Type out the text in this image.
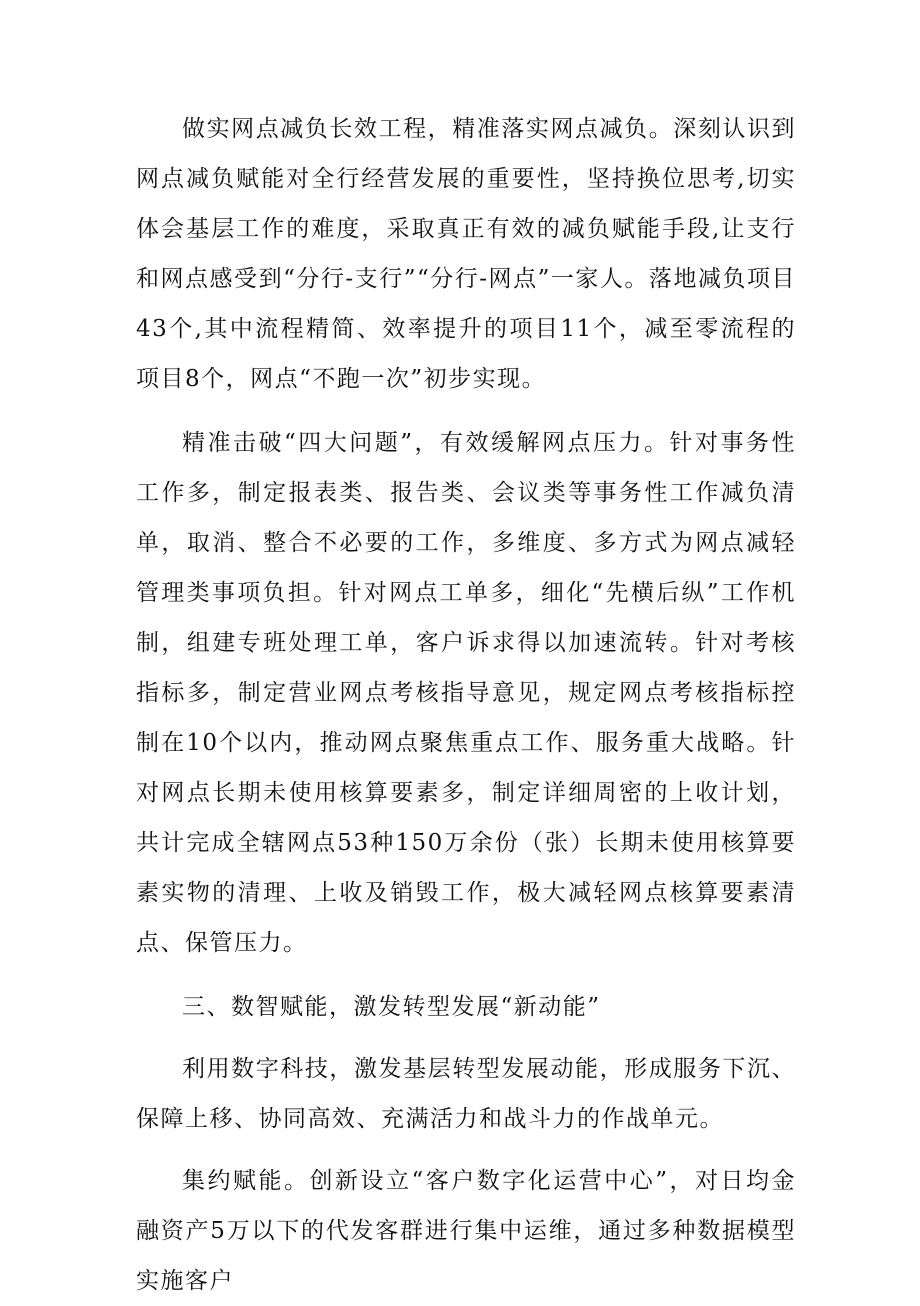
做实网点减负长效工程，精准落实网点减负。深刻认识到网点减负赋能对全行经营发展的重要性，坚持换位思考,切实体会基层工作的难度，采取真正有效的减负赋能手段,让支行和网点感受到“分行-支行”“分行-网点”一家人。落地减负项目43个,其中流程精简、效率提升的项目11个，减至零流程的项目8个，网点“不跑一次”初步实现。

精准击破“四大问题”，有效缓解网点压力。针对事务性工作多，制定报表类、报告类、会议类等事务性工作减负清单，取消、整合不必要的工作，多维度、多方式为网点减轻管理类事项负担。针对网点工单多，细化“先横后纵”工作机制，组建专班处理工单，客户诉求得以加速流转。针对考核指标多，制定营业网点考核指导意见，规定网点考核指标控制在10个以内，推动网点聚焦重点工作、服务重大战略。针对网点长期未使用核算要素多，制定详细周密的上收计划，共计完成全辖网点53种150万余份（张）长期未使用核算要素实物的清理、上收及销毁工作，极大减轻网点核算要素清点、保管压力。

三、数智赋能，激发转型发展“新动能”

利用数字科技，激发基层转型发展动能，形成服务下沉、保障上移、协同高效、充满活力和战斗力的作战单元。

集约赋能。创新设立“客户数字化运营中心”，对日均金融资产5万以下的代发客群进行集中运维，通过多种数据模型实施客户
